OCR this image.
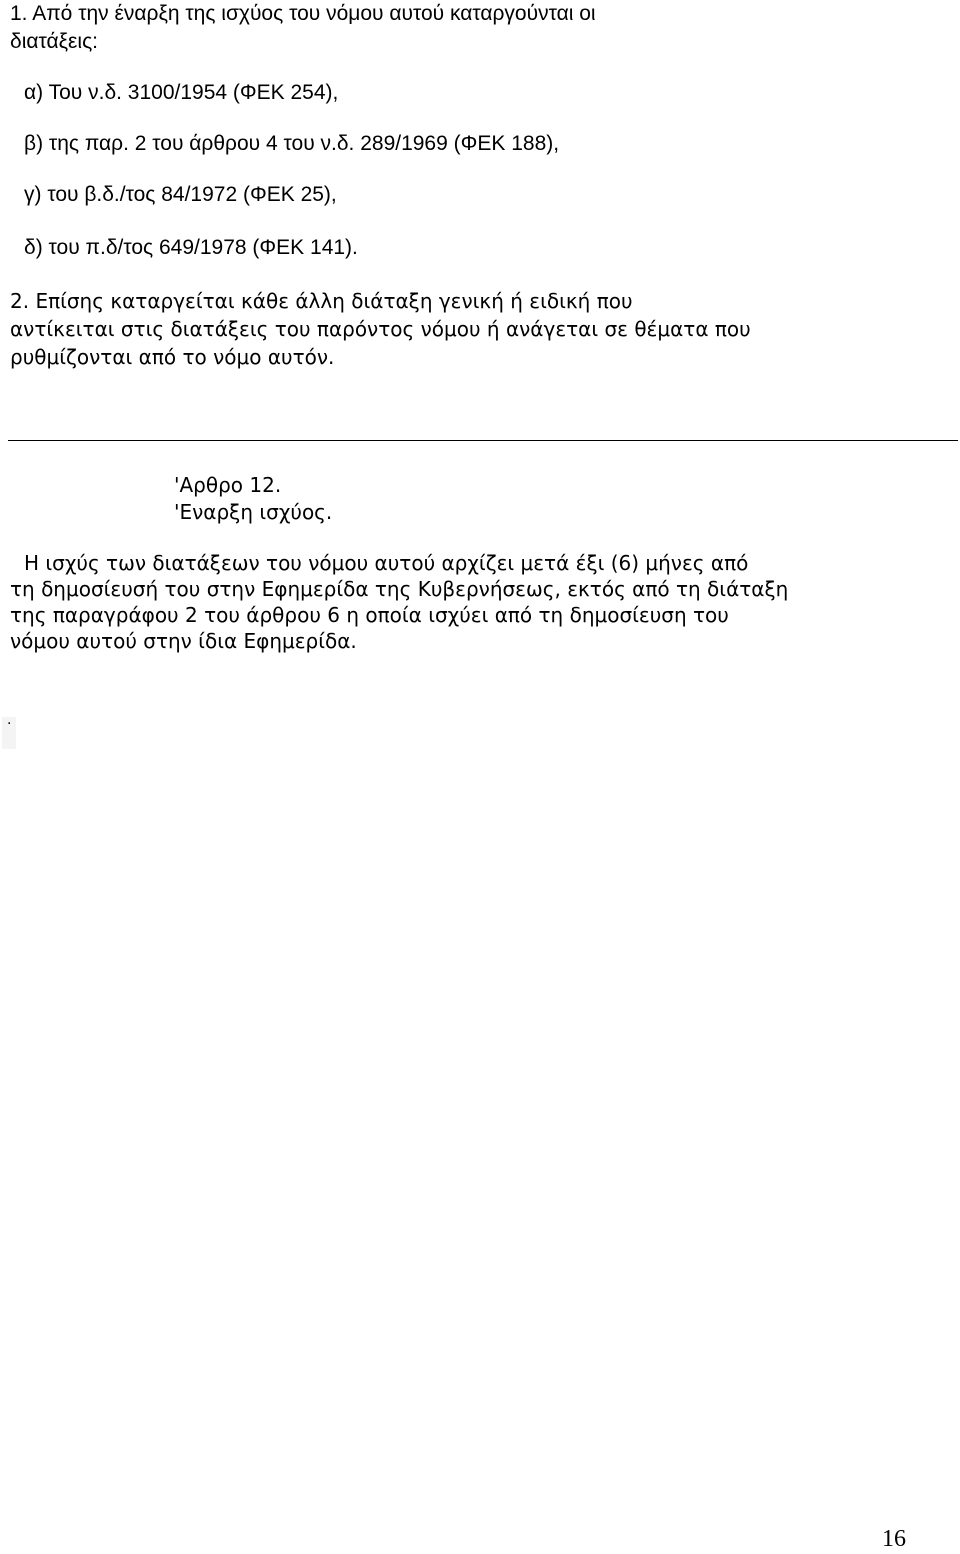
1. Από την έναρξη της ισχύος του νόμου αυτού καταργούνται οι
διατάξεις:
α) Του ν.δ. 3100/1954 (ΦΕΚ 254),
β) της παρ. 2 του άρθρου 4 του ν.δ. 289/1969 (ΦΕΚ 188),
γ) του β.δ./τος 84/1972 (ΦΕΚ 25),
δ) του π.δ/τος 649/1978 (ΦΕΚ 141).
2. Επίσης καταργείται κάθε άλλη διάταξη γενική ή ειδική που
αντίκειται στις διατάξεις του παρόντος νόμου ή ανάγεται σε θέματα που
ρυθμίζονται από το νόμο αυτόν.
'Αρθρο 12.
'Εναρξη ισχύος.
Η ισχύς των διατάξεων του νόμου αυτού αρχίζει μετά έξι (6) μήνες από
τη δημοσίευσή του στην Εφημερίδα της Κυβερνήσεως, εκτός από τη διάταξη
της παραγράφου 2 του άρθρου 6 η οποία ισχύει από τη δημοσίευση του
νόμου αυτού στην ίδια Εφημερίδα.
.
16
